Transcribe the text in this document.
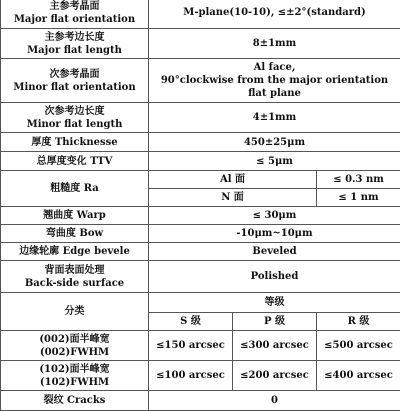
主参考晶面
Major flat orientation	M-plane(10-10), ≤±2°(standard)		

主参考边长度
Major flat length	8±1mm		

次参考晶面
Minor flat orientation	Al face,
90°clockwise from the major orientation flat plane		

次参考边长度
Minor flat length	4±1mm		
厚度 Thicknesse	450±25μm		
总厚度变化 TTV	≤ 5μm		
粗糙度 Ra	Al 面		≤ 0.3 nm
	N 面		≤ 1 nm
翘曲度 Warp	≤ 30μm		
弯曲度 Bow	-10μm~10μm		
边缘轮廓 Edge bevele	Beveled		

背面表面处理
Back-side surface	Polished		
分类	等级		
	S 级	P 级	R 级
(002)面半峰宽　(002)FWHM	≤150 arcsec	≤300 arcsec	≤500 arcsec
(102)面半峰宽　(102)FWHM	≤100 arcsec	≤200 arcsec	≤400 arcsec
裂纹 Cracks	0		
